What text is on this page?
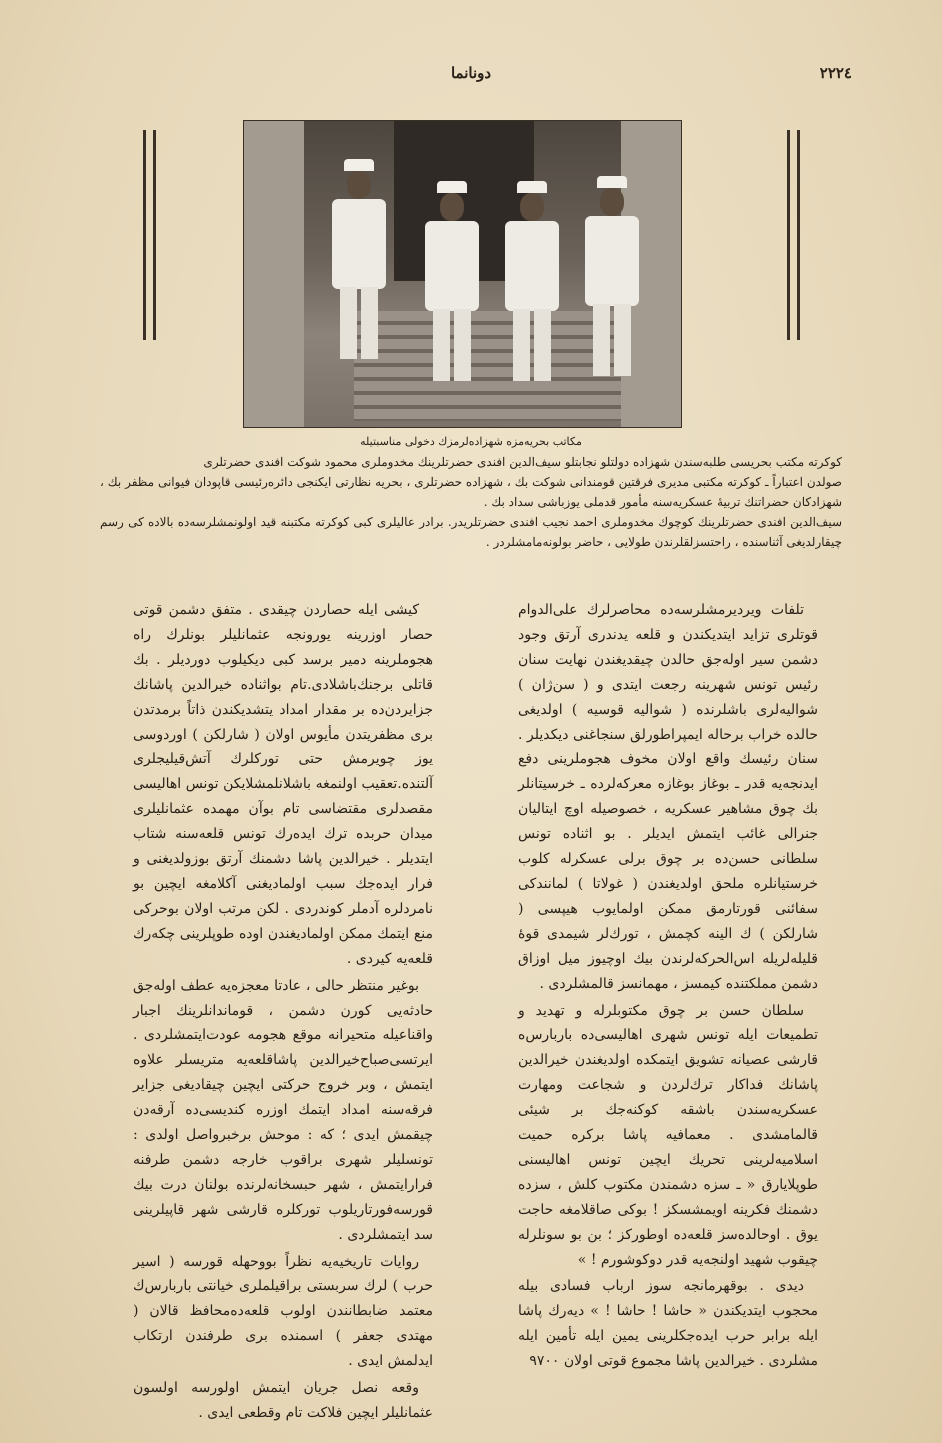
٢٢٢٤
دونانما
مكاتب بحريه‌مزه شهزاده‌لرمزك دخولی مناسبتیله

كوكرته مكتب بحریسی طلبه‌سندن شهزاده دولتلو نجابتلو سیف‌الدین افندی حضرتلرینك مخدوملری محمود شوكت افندی حضرتلری

صولدن اعتباراً ـ كوكرته مكتبی مدیری فرقتین قومندانی شوكت بك ، شهزاده حضرتلری ، بحریه نظارتی ایكنجی دائره‌رئیسی قاپودان فیوانی مظفر بك ، شهزادكان حضراتنك تربیهٔ عسكریه‌سنه مأمور قدملی یوزباشی سداد بك .

سیف‌الدین افندی حضرتلرینك كوچوك مخدوملری احمد نجیب افندی حضرتلریدر. برادر عالیلری كبی كوكرته مكتبنه قید اولونمشلرسه‌ده بالاده كی رسم چیقارلدیغی آثناسنده ، راحتسزلقلرندن طولایی ، حاضر بولونه‌مامشلردر .

تلفات ویردیرمشلرسه‌ده محاصرلرك علی‌الدوام قوتلری تزاید ایتدیكندن و قلعه یدندری آرتق وجود دشمن سیر اوله‌جق حالدن چیقدیغندن نهایت سنان رئیس تونس شهرینه رجعت ایتدی و ( سن‌ژان ) شوالیه‌لری باشلرنده ( شوالیه قوسیه ) اولدیغی حالده خراب برحاله ایمپراطورلق سنجاغنی دیكدیلر . سنان رئیسك واقع اولان مخوف هجوملرینی دفع ایدنجه‌یه قدر ـ بوغاز بوغازه معركه‌لرده ـ خرسیتانلر بك چوق مشاهیر عسكریه ، خصوصیله اوچ ایتالیان جنرالی غائب ایتمش ایدیلر . بو اثناده تونس سلطانی حسن‌ده بر چوق برلی عسكرله كلوب خرستیانلره ملحق اولدیغندن ( غولاتا )‌ لمانندكی سفائنی قورتارمق ممكن اولمایوب هیپسی ( شارلكن )‌ ك الینه كچمش ، تورك‌لر شیمدی قوهٔ قلیله‌لریله اس‌الحركه‌لرندن بیك اوچیوز میل اوزاق دشمن مملكتنده كیمسز ، مهمانسز قالمشلردی .

سلطان حسن بر چوق مكتوبلرله و تهدید و تطمیعات ایله تونس شهری اهالیسی‌ده باربارس‌ه قارشی عصیانه تشویق ایتمكده اولدیغندن خیرالدین پاشانك فداكار ترك‌لردن و شجاعت ومهارت عسكریه‌سندن باشقه كوكنه‌جك بر شیئی قالمامشدی . معمافیه پاشا بركره حمیت اسلامیه‌لرینی تحریك ایچین تونس اهالیسنی طوپلایارق « ـ سزه دشمندن مكتوب كلش ، سزده دشمنك فكرینه اویمشسكز ! بوكی صاقلامغه حاجت یوق . اوحالده‌سز قلعه‌ده اوطوركز ؛ بن بو سونلرله چیقوب شهید اولنجه‌یه قدر دوكوشورم ! »

دیدی . بوقهرمانجه سوز ارباب فسادی بیله محجوب ایتدیكندن « حاشا ! حاشا ! » دیه‌رك پاشا ایله برابر حرب ایده‌جكلرینی یمین ایله تأمین ایله مشلردی . خیرالدین پاشا مجموع قوتی اولان ٩٧٠٠

كیشی ایله حصاردن چیقدی . متفق دشمن قوتی حصار اوزرینه یورونجه عثمانلیلر بونلرك راه هجوملرینه دمیر برسد كبی دیكیلوب دوردیلر . بك قاتلی برجنك‌باشلادی.تام بواثناده خیرالدین پاشانك جزایردن‌ده بر مقدار امداد یتشدیكندن ذاتاً برمدتدن بری مظفریتدن مأیوس اولان ( شارلكن ) اوردوسی یوز چویرمش حتی توركلرك آتش‌قیلیجلری آلتنده.تعقیب اولنمغه باشلانلمشلایكن تونس اهالیسی مقصدلری مقتضاسی تام بوآن مهمده عثمانلیلری میدان حربده ترك ایده‌رك تونس قلعه‌سنه شتاب ایتدیلر . خیرالدین پاشا دشمنك آرتق بوزولدیغنی و فرار ایده‌جك سبب اولمادیغنی آكلامغه ایچین بو نامردلره آدملر كوندردی . لكن مرتب اولان بوحركی منع ایتمك ممكن اولمادیغندن اوده طوپلرینی چكه‌رك قلعه‌یه كیردی .

بوغیر منتظر حالی ، عادتا معجزه‌یه عطف اوله‌جق حادثه‌یی كورن دشمن ، قوماندانلرینك اجبار واقناعیله متحیرانه موقع هجومه عودت‌ایتمشلردی . ایرتسی‌صباح‌خیرالدین پاشاقلعه‌یه متریسلر علاوه ایتمش ، وبر خروج حركتی ایچین چیقادیغی جزایر فرقه‌سنه امداد ایتمك اوزره كندیسی‌ده آرقه‌دن چیقمش ایدی ؛ كه : موحش برخبرواصل اولدی : تونسلیلر شهری براقوب خارجه دشمن طرفنه فرارایتمش ، شهر حبسخانه‌لرنده بولنان درت بیك قورسه‌فورتاریلوب توركلره قارشی شهر قاپیلرینی سد ایتمشلردی .

روایات تاریخیه‌یه نظراً بووحهله قورسه ( اسیر حرب ) لرك سربستی براقیلملری خیانتی باربارس‌ك معتمد ضابطانندن اولوب قلعه‌ده‌محافظ قالان ( مهتدی جعفر ) اسمنده بری طرفندن ارتكاب ایدلمش ایدی .

وقعه نصل جریان ایتمش اولورسه اولسون عثمانلیلر ایچین فلاكت تام وقطعی ایدی .
